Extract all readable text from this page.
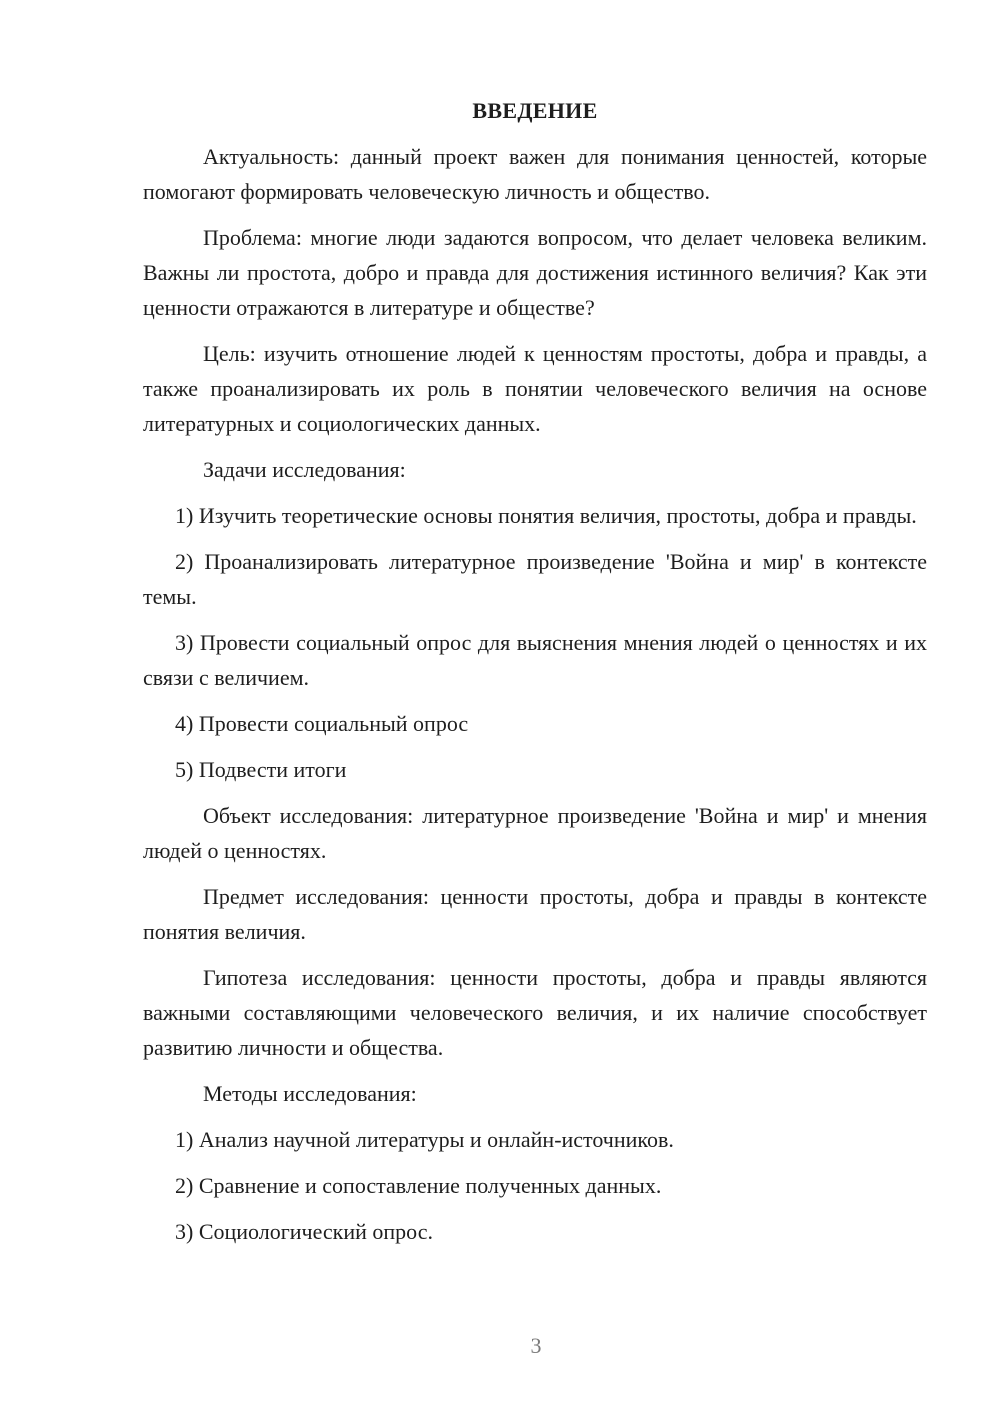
ВВЕДЕНИЕ

Актуальность: данный проект важен для понимания ценностей, которые помогают формировать человеческую личность и общество.

Проблема: многие люди задаются вопросом, что делает человека великим. Важны ли простота, добро и правда для достижения истинного величия? Как эти ценности отражаются в литературе и обществе?

Цель: изучить отношение людей к ценностям простоты, добра и правды, а также проанализировать их роль в понятии человеческого величия на основе литературных и социологических данных.

Задачи исследования:

1) Изучить теоретические основы понятия величия, простоты, добра и правды.

2) Проанализировать литературное произведение 'Война и мир' в контексте темы.

3) Провести социальный опрос для выяснения мнения людей о ценностях и их связи с величием.

4) Провести социальный опрос

5) Подвести итоги

Объект исследования: литературное произведение 'Война и мир' и мнения людей о ценностях.

Предмет исследования: ценности простоты, добра и правды в контексте понятия величия.

Гипотеза исследования: ценности простоты, добра и правды являются важными составляющими человеческого величия, и их наличие способствует развитию личности и общества.

Методы исследования:

1) Анализ научной литературы и онлайн-источников.

2) Сравнение и сопоставление полученных данных.

3) Социологический опрос.

3
